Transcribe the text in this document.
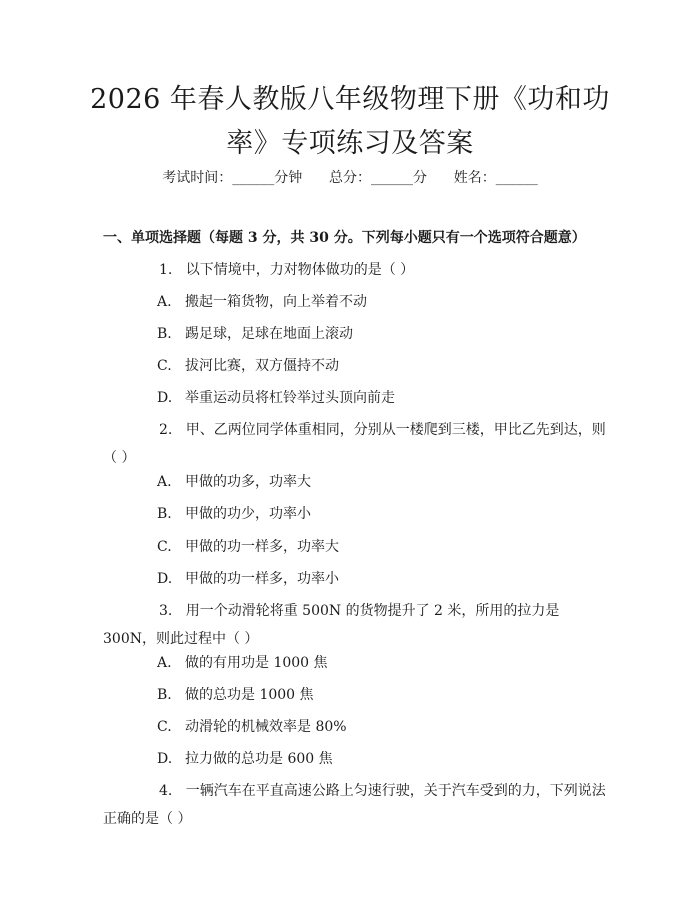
2026 年春人教版八年级物理下册《功和功
率》专项练习及答案
考试时间：______分钟      总分：______分      姓名：______
一、单项选择题（每题 3 分，共 30 分。下列每小题只有一个选项符合题意）
1. 以下情境中，力对物体做功的是（ ）
A. 搬起一箱货物，向上举着不动
B. 踢足球，足球在地面上滚动
C. 拔河比赛，双方僵持不动
D. 举重运动员将杠铃举过头顶向前走
2. 甲、乙两位同学体重相同，分别从一楼爬到三楼，甲比乙先到达，则（ ）
A. 甲做的功多，功率大
B. 甲做的功少，功率小
C. 甲做的功一样多，功率大
D. 甲做的功一样多，功率小
3. 用一个动滑轮将重 500N 的货物提升了 2 米，所用的拉力是 300N，则此过程中（ ）
A. 做的有用功是 1000 焦
B. 做的总功是 1000 焦
C. 动滑轮的机械效率是 80%
D. 拉力做的总功是 600 焦
4. 一辆汽车在平直高速公路上匀速行驶，关于汽车受到的力，下列说法正确的是（ ）
